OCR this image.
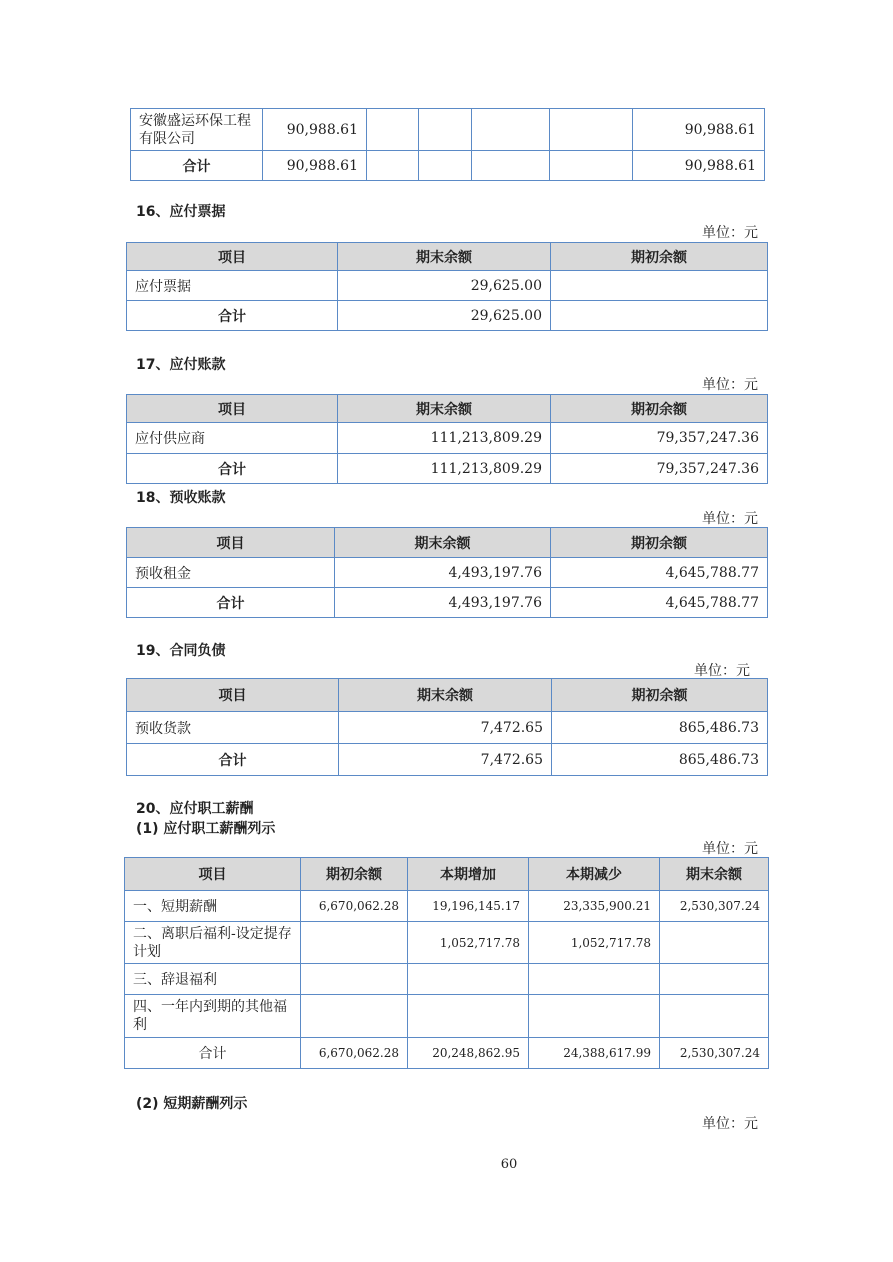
安徽盛运环保工程有限公司	90,988.61					90,988.61
合计	90,988.61					90,988.61
16、应付票据
单位：元
项目	期末余额	期初余额
应付票据	29,625.00	
合计	29,625.00	
17、应付账款
单位：元
项目	期末余额	期初余额
应付供应商	111,213,809.29	79,357,247.36
合计	111,213,809.29	79,357,247.36
18、预收账款
单位：元
项目	期末余额	期初余额
预收租金	4,493,197.76	4,645,788.77
合计	4,493,197.76	4,645,788.77
19、合同负债
单位：元
项目	期末余额	期初余额
预收货款	7,472.65	865,486.73
合计	7,472.65	865,486.73
20、应付职工薪酬
(1) 应付职工薪酬列示
单位：元
项目	期初余额	本期增加	本期减少	期末余额
一、短期薪酬	6,670,062.28	19,196,145.17	23,335,900.21	2,530,307.24
二、离职后福利-设定提存计划		1,052,717.78	1,052,717.78	
三、辞退福利				
四、一年内到期的其他福利				
合计	6,670,062.28	20,248,862.95	24,388,617.99	2,530,307.24
(2) 短期薪酬列示
单位：元
60
